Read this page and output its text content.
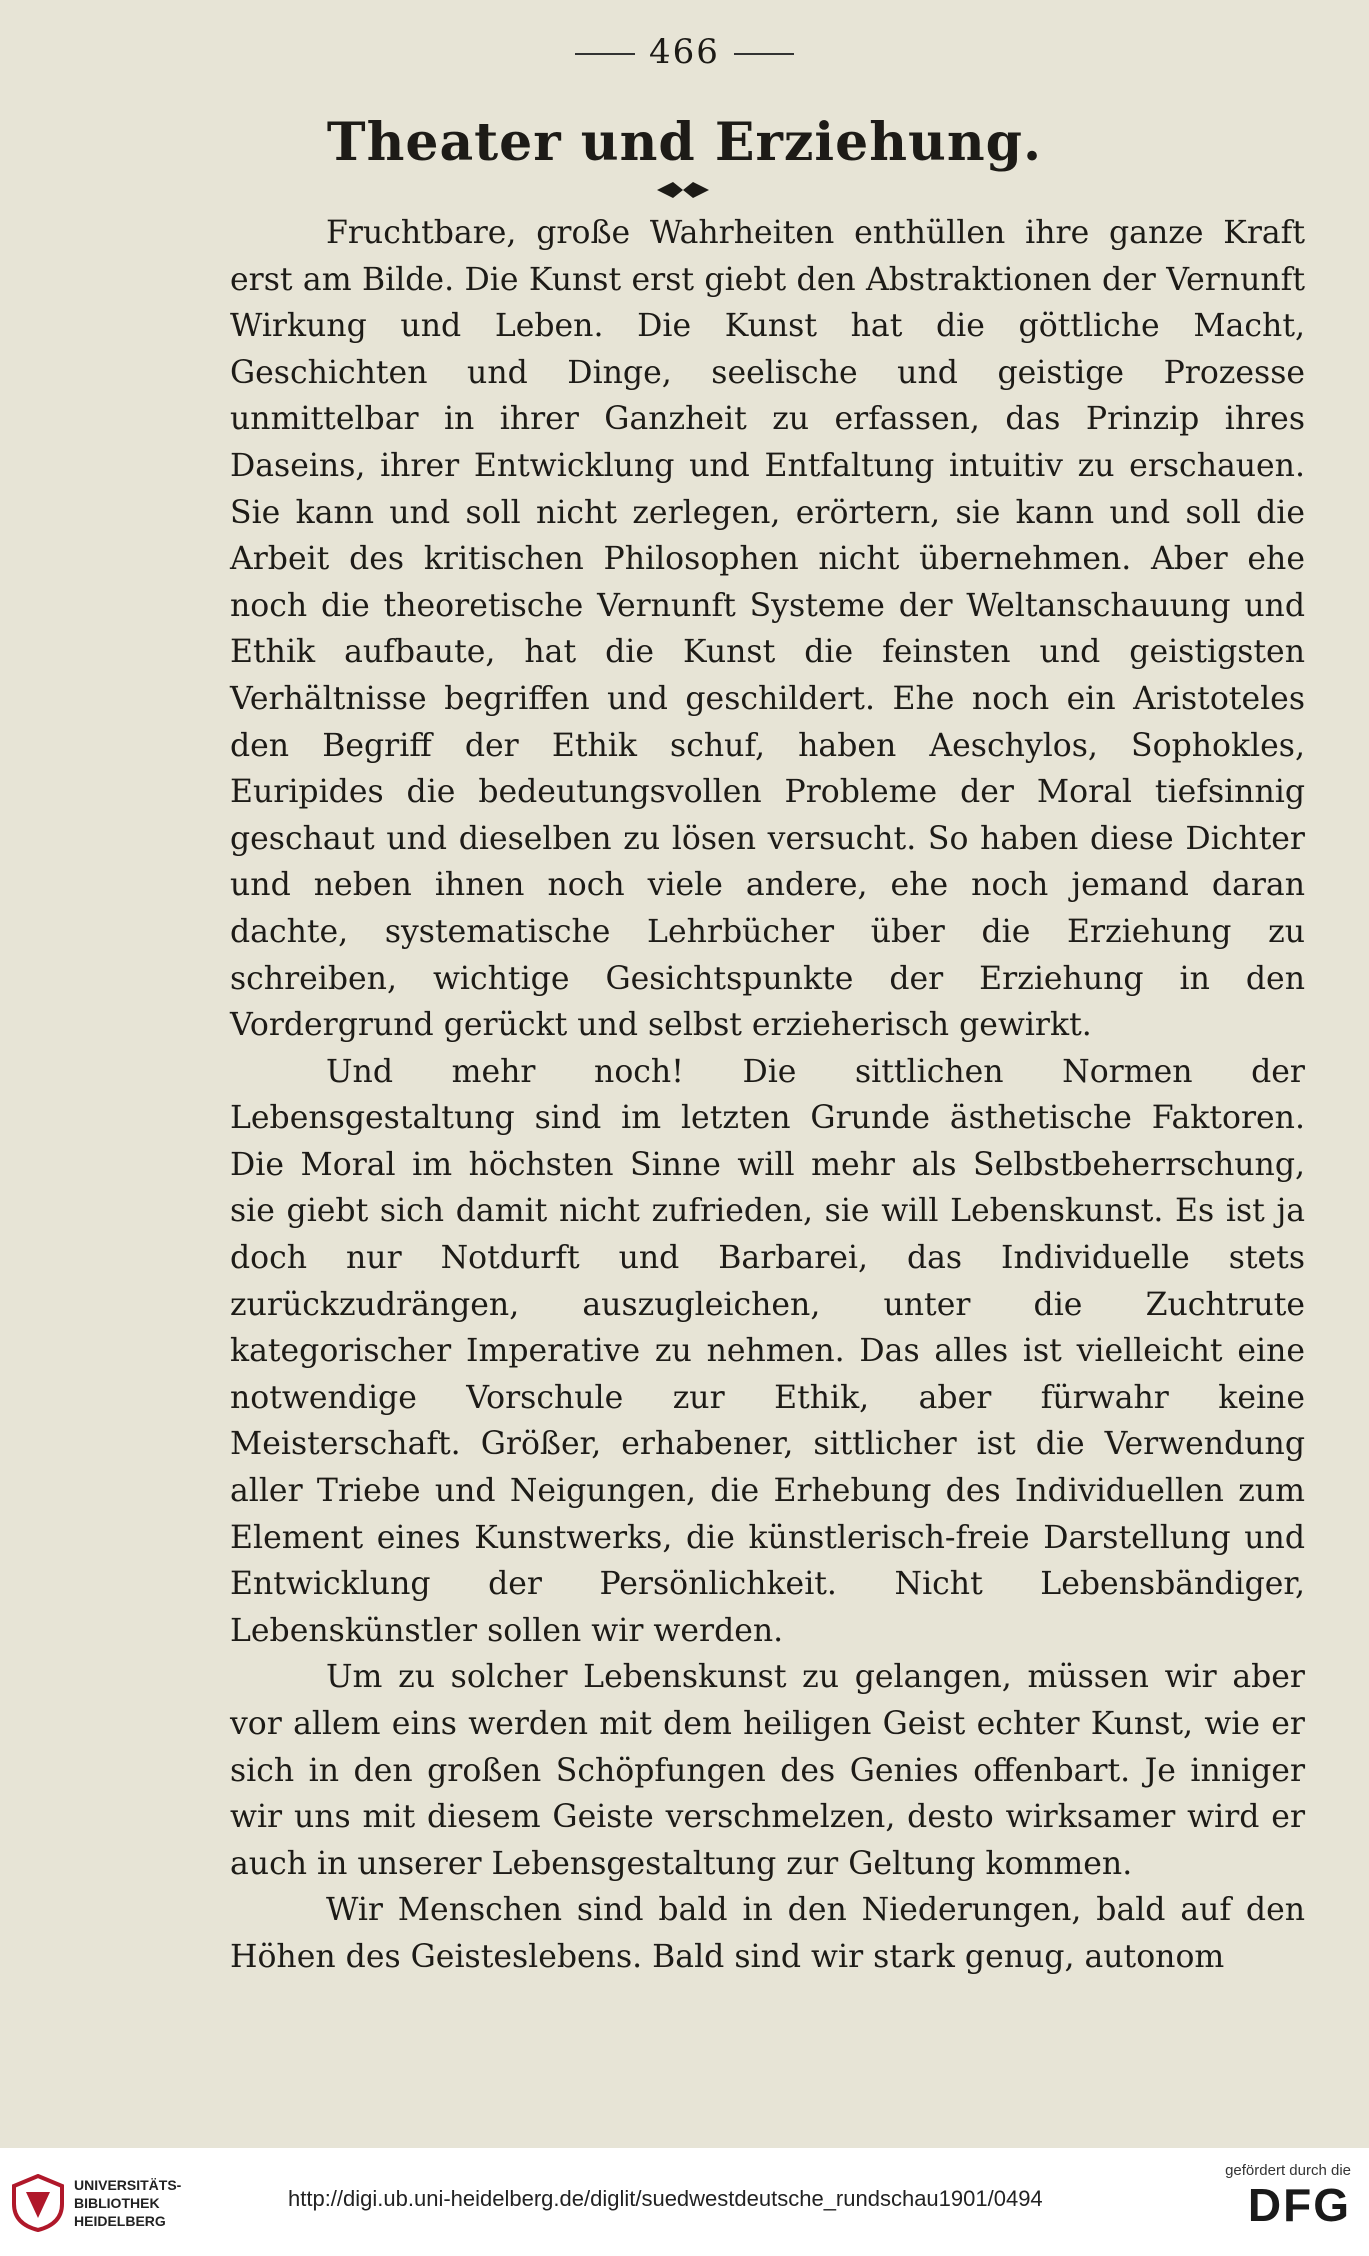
466
Theater und Erziehung.

Fruchtbare, große Wahrheiten enthüllen ihre ganze Kraft erst am Bilde. Die Kunst erst giebt den Abstraktionen der Vernunft Wirkung und Leben. Die Kunst hat die göttliche Macht, Geschichten und Dinge, seelische und geistige Prozesse unmittelbar in ihrer Ganzheit zu erfassen, das Prinzip ihres Daseins, ihrer Entwicklung und Entfaltung intuitiv zu erschauen. Sie kann und soll nicht zerlegen, erörtern, sie kann und soll die Arbeit des kritischen Philosophen nicht übernehmen. Aber ehe noch die theoretische Vernunft Systeme der Weltanschauung und Ethik aufbaute, hat die Kunst die feinsten und geistigsten Verhältnisse begriffen und geschildert. Ehe noch ein Aristoteles den Begriff der Ethik schuf, haben Aeschylos, Sophokles, Euripides die bedeutungsvollen Probleme der Moral tiefsinnig geschaut und dieselben zu lösen versucht. So haben diese Dichter und neben ihnen noch viele andere, ehe noch jemand daran dachte, systematische Lehrbücher über die Erziehung zu schreiben, wichtige Gesichtspunkte der Erziehung in den Vordergrund gerückt und selbst erzieherisch gewirkt.

Und mehr noch! Die sittlichen Normen der Lebensgestaltung sind im letzten Grunde ästhetische Faktoren. Die Moral im höchsten Sinne will mehr als Selbstbeherrschung, sie giebt sich damit nicht zufrieden, sie will Lebenskunst. Es ist ja doch nur Notdurft und Barbarei, das Individuelle stets zurückzudrängen, auszugleichen, unter die Zuchtrute kategorischer Imperative zu nehmen. Das alles ist vielleicht eine notwendige Vorschule zur Ethik, aber fürwahr keine Meisterschaft. Größer, erhabener, sittlicher ist die Verwendung aller Triebe und Neigungen, die Erhebung des Individuellen zum Element eines Kunstwerks, die künstlerisch-freie Darstellung und Entwicklung der Persönlichkeit. Nicht Lebensbändiger, Lebenskünstler sollen wir werden.

Um zu solcher Lebenskunst zu gelangen, müssen wir aber vor allem eins werden mit dem heiligen Geist echter Kunst, wie er sich in den großen Schöpfungen des Genies offenbart. Je inniger wir uns mit diesem Geiste verschmelzen, desto wirksamer wird er auch in unserer Lebensgestaltung zur Geltung kommen.

Wir Menschen sind bald in den Niederungen, bald auf den Höhen des Geisteslebens. Bald sind wir stark genug, autonom

UNIVERSITÄTS-
BIBLIOTHEK
HEIDELBERG
http://digi.ub.uni-heidelberg.de/diglit/suedwestdeutsche_rundschau1901/0494
gefördert durch die
DFG
